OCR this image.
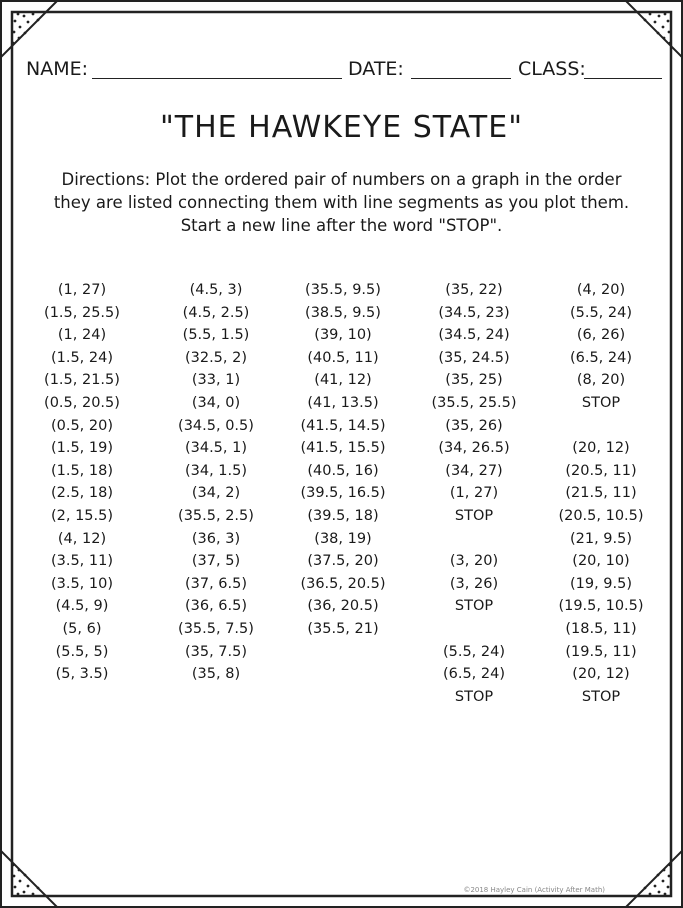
NAME:	DATE:	CLASS:
"THE HAWKEYE STATE"
Directions: Plot the ordered pair of numbers on a graph in the order
they are listed connecting them with line segments as you plot them.
Start a new line after the word "STOP".
(1, 27)
(1.5, 25.5)
(1, 24)
(1.5, 24)
(1.5, 21.5)
(0.5, 20.5)
(0.5, 20)
(1.5, 19)
(1.5, 18)
(2.5, 18)
(2, 15.5)
(4, 12)
(3.5, 11)
(3.5, 10)
(4.5, 9)
(5, 6)
(5.5, 5)
(5, 3.5)
(4.5, 3)
(4.5, 2.5)
(5.5, 1.5)
(32.5, 2)
(33, 1)
(34, 0)
(34.5, 0.5)
(34.5, 1)
(34, 1.5)
(34, 2)
(35.5, 2.5)
(36, 3)
(37, 5)
(37, 6.5)
(36, 6.5)
(35.5, 7.5)
(35, 7.5)
(35, 8)
(35.5, 9.5)
(38.5, 9.5)
(39, 10)
(40.5, 11)
(41, 12)
(41, 13.5)
(41.5, 14.5)
(41.5, 15.5)
(40.5, 16)
(39.5, 16.5)
(39.5, 18)
(38, 19)
(37.5, 20)
(36.5, 20.5)
(36, 20.5)
(35.5, 21)
(35, 22)
(34.5, 23)
(34.5, 24)
(35, 24.5)
(35, 25)
(35.5, 25.5)
(35, 26)
(34, 26.5)
(34, 27)
(1, 27)
STOP
(3, 20)
(3, 26)
STOP
(5.5, 24)
(6.5, 24)
STOP
(4, 20)
(5.5, 24)
(6, 26)
(6.5, 24)
(8, 20)
STOP
(20, 12)
(20.5, 11)
(21.5, 11)
(20.5, 10.5)
(21, 9.5)
(20, 10)
(19, 9.5)
(19.5, 10.5)
(18.5, 11)
(19.5, 11)
(20, 12)
STOP
©2018 Hayley Cain (Activity After Math)
